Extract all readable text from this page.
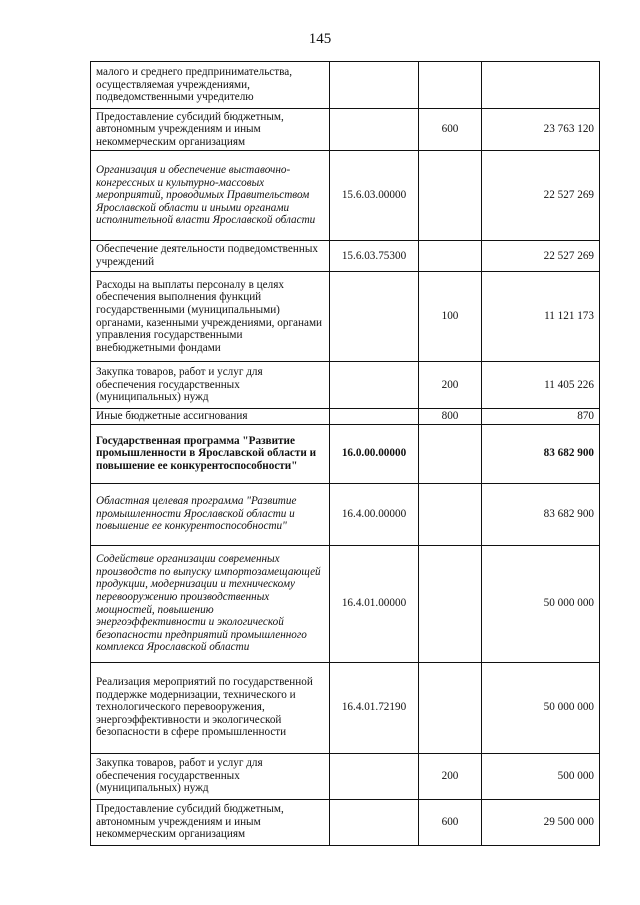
145
малого и среднего предпринимательства, осуществляемая учреждениями, подведомственными учредителю			
Предоставление субсидий бюджетным, автономным учреждениям и иным некоммерческим организациям		600	23 763 120
Организация и обеспечение выставочно-конгрессных и культурно-массовых мероприятий, проводимых Правительством Ярославской области и иными органами исполнительной власти Ярославской области	15.6.03.00000		22 527 269
Обеспечение деятельности подведомственных учреждений	15.6.03.75300		22 527 269
Расходы на выплаты персоналу в целях обеспечения выполнения функций государственными (муниципальными) органами, казенными учреждениями, органами управления государственными внебюджетными фондами		100	11 121 173
Закупка товаров, работ и услуг для обеспечения государственных (муниципальных) нужд		200	11 405 226
Иные бюджетные ассигнования		800	870
Государственная программа "Развитие промышленности в Ярославской области и повышение ее конкурентоспособности"	16.0.00.00000		83 682 900
Областная целевая программа "Развитие промышленности Ярославской области и повышение ее конкурентоспособности"	16.4.00.00000		83 682 900
Содействие организации современных производств по выпуску импортозамещающей продукции, модернизации и техническому перевооружению производственных мощностей, повышению энергоэффективности и экологической безопасности предприятий промышленного комплекса Ярославской области	16.4.01.00000		50 000 000
Реализация мероприятий по государственной поддержке модернизации, технического и технологического перевооружения, энергоэффективности и экологической безопасности в сфере промышленности	16.4.01.72190		50 000 000
Закупка товаров, работ и услуг для обеспечения государственных (муниципальных) нужд		200	500 000
Предоставление субсидий бюджетным, автономным учреждениям и иным некоммерческим организациям		600	29 500 000
